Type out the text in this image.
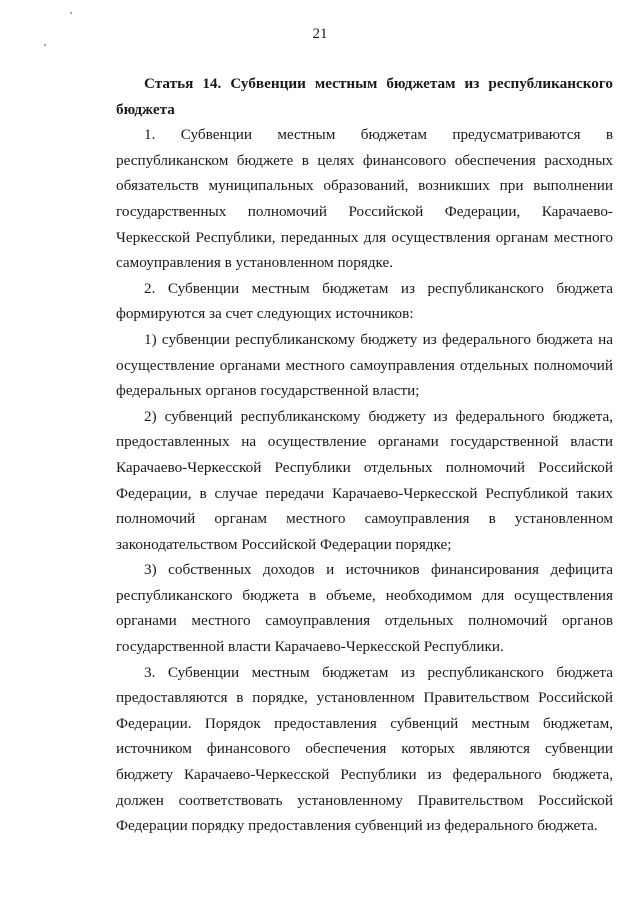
21

Статья 14. Субвенции местным бюджетам из республиканского бюджета

1. Субвенции местным бюджетам предусматриваются в республиканском бюджете в целях финансового обеспечения расходных обязательств муниципальных образований, возникших при выполнении государственных полномочий Российской Федерации, Карачаево-Черкесской Республики, переданных для осуществления органам местного самоуправления в установленном порядке.

2. Субвенции местным бюджетам из республиканского бюджета формируются за счет следующих источников:

1) субвенции республиканскому бюджету из федерального бюджета на осуществление органами местного самоуправления отдельных полномочий федеральных органов государственной власти;

2) субвенций республиканскому бюджету из федерального бюджета, предоставленных на осуществление органами государственной власти Карачаево-Черкесской Республики отдельных полномочий Российской Федерации, в случае передачи Карачаево-Черкесской Республикой таких полномочий органам местного самоуправления в установленном законодательством Российской Федерации порядке;

3) собственных доходов и источников финансирования дефицита республиканского бюджета в объеме, необходимом для осуществления органами местного самоуправления отдельных полномочий органов государственной власти Карачаево-Черкесской Республики.

3. Субвенции местным бюджетам из республиканского бюджета предоставляются в порядке, установленном Правительством Российской Федерации. Порядок предоставления субвенций местным бюджетам, источником финансового обеспечения которых являются субвенции бюджету Карачаево-Черкесской Республики из федерального бюджета, должен соответствовать установленному Правительством Российской Федерации порядку предоставления субвенций из федерального бюджета.
